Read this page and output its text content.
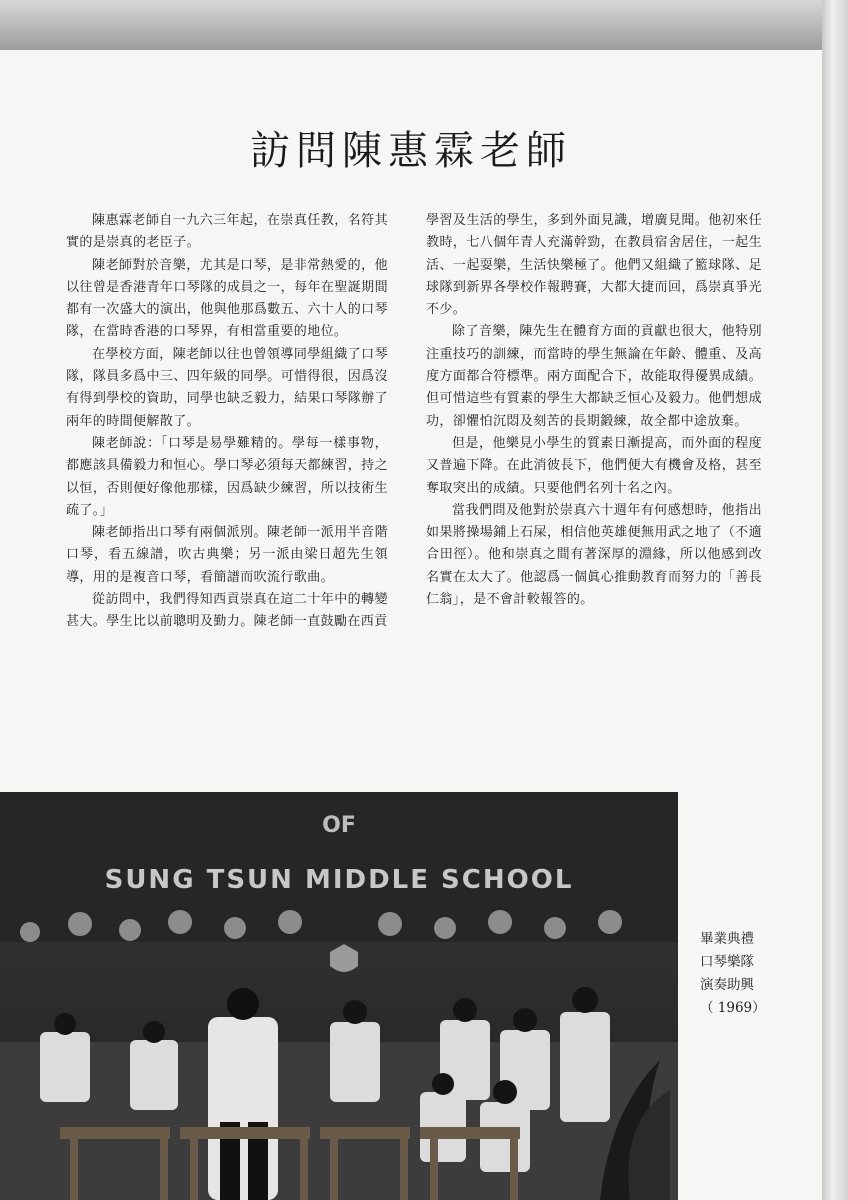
訪問陳惠霖老師

陳惠霖老師自一九六三年起，在崇真任教，名符其實的是崇真的老臣子。

陳老師對於音樂，尤其是口琴，是非常熱愛的，他以往曾是香港青年口琴隊的成員之一，每年在聖誕期間都有一次盛大的演出，他與他那爲數五、六十人的口琴隊，在當時香港的口琴界，有相當重要的地位。

在學校方面，陳老師以往也曾領導同學組織了口琴隊，隊員多爲中三、四年級的同學。可惜得很，因爲沒有得到學校的資助，同學也缺乏毅力，結果口琴隊辦了兩年的時間便解散了。

陳老師說：「口琴是易學難精的。學每一樣事物，都應該具備毅力和恒心。學口琴必須每天都練習，持之以恒，否則便好像他那樣，因爲缺少練習，所以技術生疏了。」

陳老師指出口琴有兩個派別。陳老師一派用半音階口琴，看五線譜，吹古典樂；另一派由梁日超先生領導，用的是複音口琴，看簡譜而吹流行歌曲。

從訪問中，我們得知西貢崇真在這二十年中的轉變甚大。學生比以前聰明及勤力。陳老師一直鼓勵在西貢

學習及生活的學生，多到外面見識，增廣見聞。他初來任教時，七八個年青人充滿幹勁，在教員宿舍居住，一起生活、一起耍樂，生活快樂極了。他們又組織了籃球隊、足球隊到新界各學校作報聘賽，大都大捷而回，爲崇真爭光不少。

除了音樂，陳先生在體育方面的貢獻也很大，他特別注重技巧的訓練，而當時的學生無論在年齡、體重、及高度方面都合符標準。兩方面配合下，故能取得優異成績。但可惜這些有質素的學生大都缺乏恒心及毅力。他們想成功，卻懼怕沉悶及刻苦的長期鍛練，故全都中途放棄。

但是，他樂見小學生的質素日漸提高，而外面的程度又普遍下降。在此消彼長下，他們便大有機會及格，甚至奪取突出的成績。只要他們名列十名之內。

當我們問及他對於崇真六十週年有何感想時，他指出如果將操場鋪上石屎，相信他英雄便無用武之地了（不適合田徑）。他和崇真之間有著深厚的淵緣，所以他感到改名實在太大了。他認爲一個眞心推動教育而努力的「善長仁翁」，是不會計較報答的。

OF
SUNG TSUN MIDDLE SCHOOL
畢業典禮
口琴樂隊
演奏助興
（ 1969）
